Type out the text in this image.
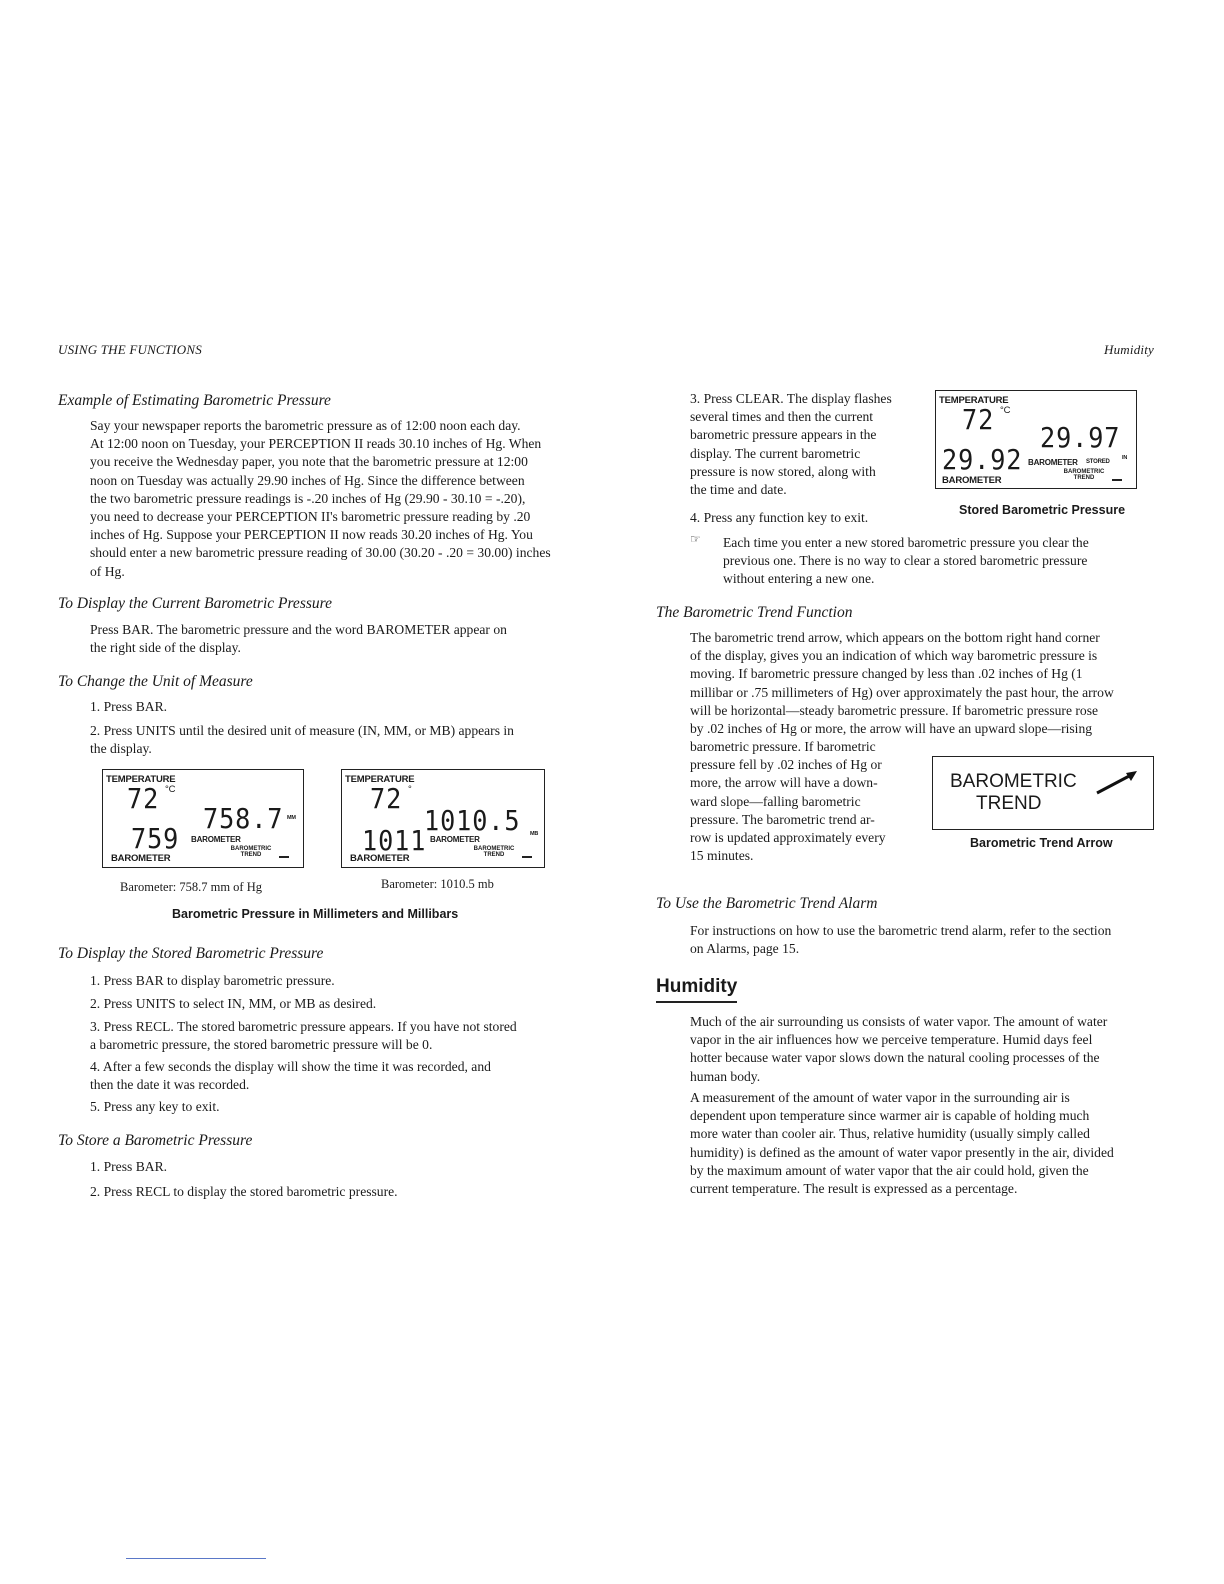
USING THE FUNCTIONS	Humidity
Example of Estimating Barometric Pressure
Say your newspaper reports the barometric pressure as of 12:00 noon each day.
At 12:00 noon on Tuesday, your PERCEPTION II reads 30.10 inches of Hg. When
you receive the Wednesday paper, you note that the barometric pressure at 12:00
noon on Tuesday was actually 29.90 inches of Hg. Since the difference between
the two barometric pressure readings is -.20 inches of Hg (29.90 - 30.10 = -.20),
you need to decrease your PERCEPTION II's barometric pressure reading by .20
inches of Hg. Suppose your PERCEPTION II now reads 30.20 inches of Hg. You
should enter a new barometric pressure reading of 30.00 (30.20 - .20 = 30.00) inches
of Hg.
To Display the Current Barometric Pressure
Press BAR. The barometric pressure and the word BAROMETER appear on
the right side of the display.
To Change the Unit of Measure
1. Press BAR.
2. Press UNITS until the desired unit of measure (IN, MM, or MB) appears in
the display.
TEMPERATURE
72 °C
758.7 MM
759 BAROMETER
BAROMETRIC
TREND
BAROMETER
Barometer: 758.7 mm of Hg
TEMPERATURE
72 °
1010.5 MB
1011 BAROMETER
BAROMETRIC
TREND
BAROMETER
Barometer: 1010.5 mb
Barometric Pressure in Millimeters and Millibars
To Display the Stored Barometric Pressure
1. Press BAR to display barometric pressure.
2. Press UNITS to select IN, MM, or MB as desired.
3. Press RECL. The stored barometric pressure appears. If you have not stored
a barometric pressure, the stored barometric pressure will be 0.
4. After a few seconds the display will show the time it was recorded, and
then the date it was recorded.
5. Press any key to exit.
To Store a Barometric Pressure
1. Press BAR.
2. Press RECL to display the stored barometric pressure.
3. Press CLEAR. The display flashes
several times and then the current
barometric pressure appears in the
display. The current barometric
pressure is now stored, along with
the time and date.
4. Press any function key to exit.
TEMPERATURE
72 °C
29.97
IN
29.92 BAROMETER STORED
BAROMETRIC
TREND
BAROMETER
Stored Barometric Pressure
☞ Each time you enter a new stored barometric pressure you clear the
previous one. There is no way to clear a stored barometric pressure
without entering a new one.
The Barometric Trend Function
The barometric trend arrow, which appears on the bottom right hand corner
of the display, gives you an indication of which way barometric pressure is
moving. If barometric pressure changed by less than .02 inches of Hg (1
millibar or .75 millimeters of Hg) over approximately the past hour, the arrow
will be horizontal—steady barometric pressure. If barometric pressure rose
by .02 inches of Hg or more, the arrow will have an upward slope—rising
barometric pressure. If barometric
pressure fell by .02 inches of Hg or
more, the arrow will have a down-
ward slope—falling barometric
pressure. The barometric trend ar-
row is updated approximately every
15 minutes.
BAROMETRIC
TREND
Barometric Trend Arrow
To Use the Barometric Trend Alarm
For instructions on how to use the barometric trend alarm, refer to the section
on Alarms, page 15.
Humidity
Much of the air surrounding us consists of water vapor. The amount of water
vapor in the air influences how we perceive temperature. Humid days feel
hotter because water vapor slows down the natural cooling processes of the
human body.
A measurement of the amount of water vapor in the surrounding air is
dependent upon temperature since warmer air is capable of holding much
more water than cooler air. Thus, relative humidity (usually simply called
humidity) is defined as the amount of water vapor presently in the air, divided
by the maximum amount of water vapor that the air could hold, given the
current temperature. The result is expressed as a percentage.
